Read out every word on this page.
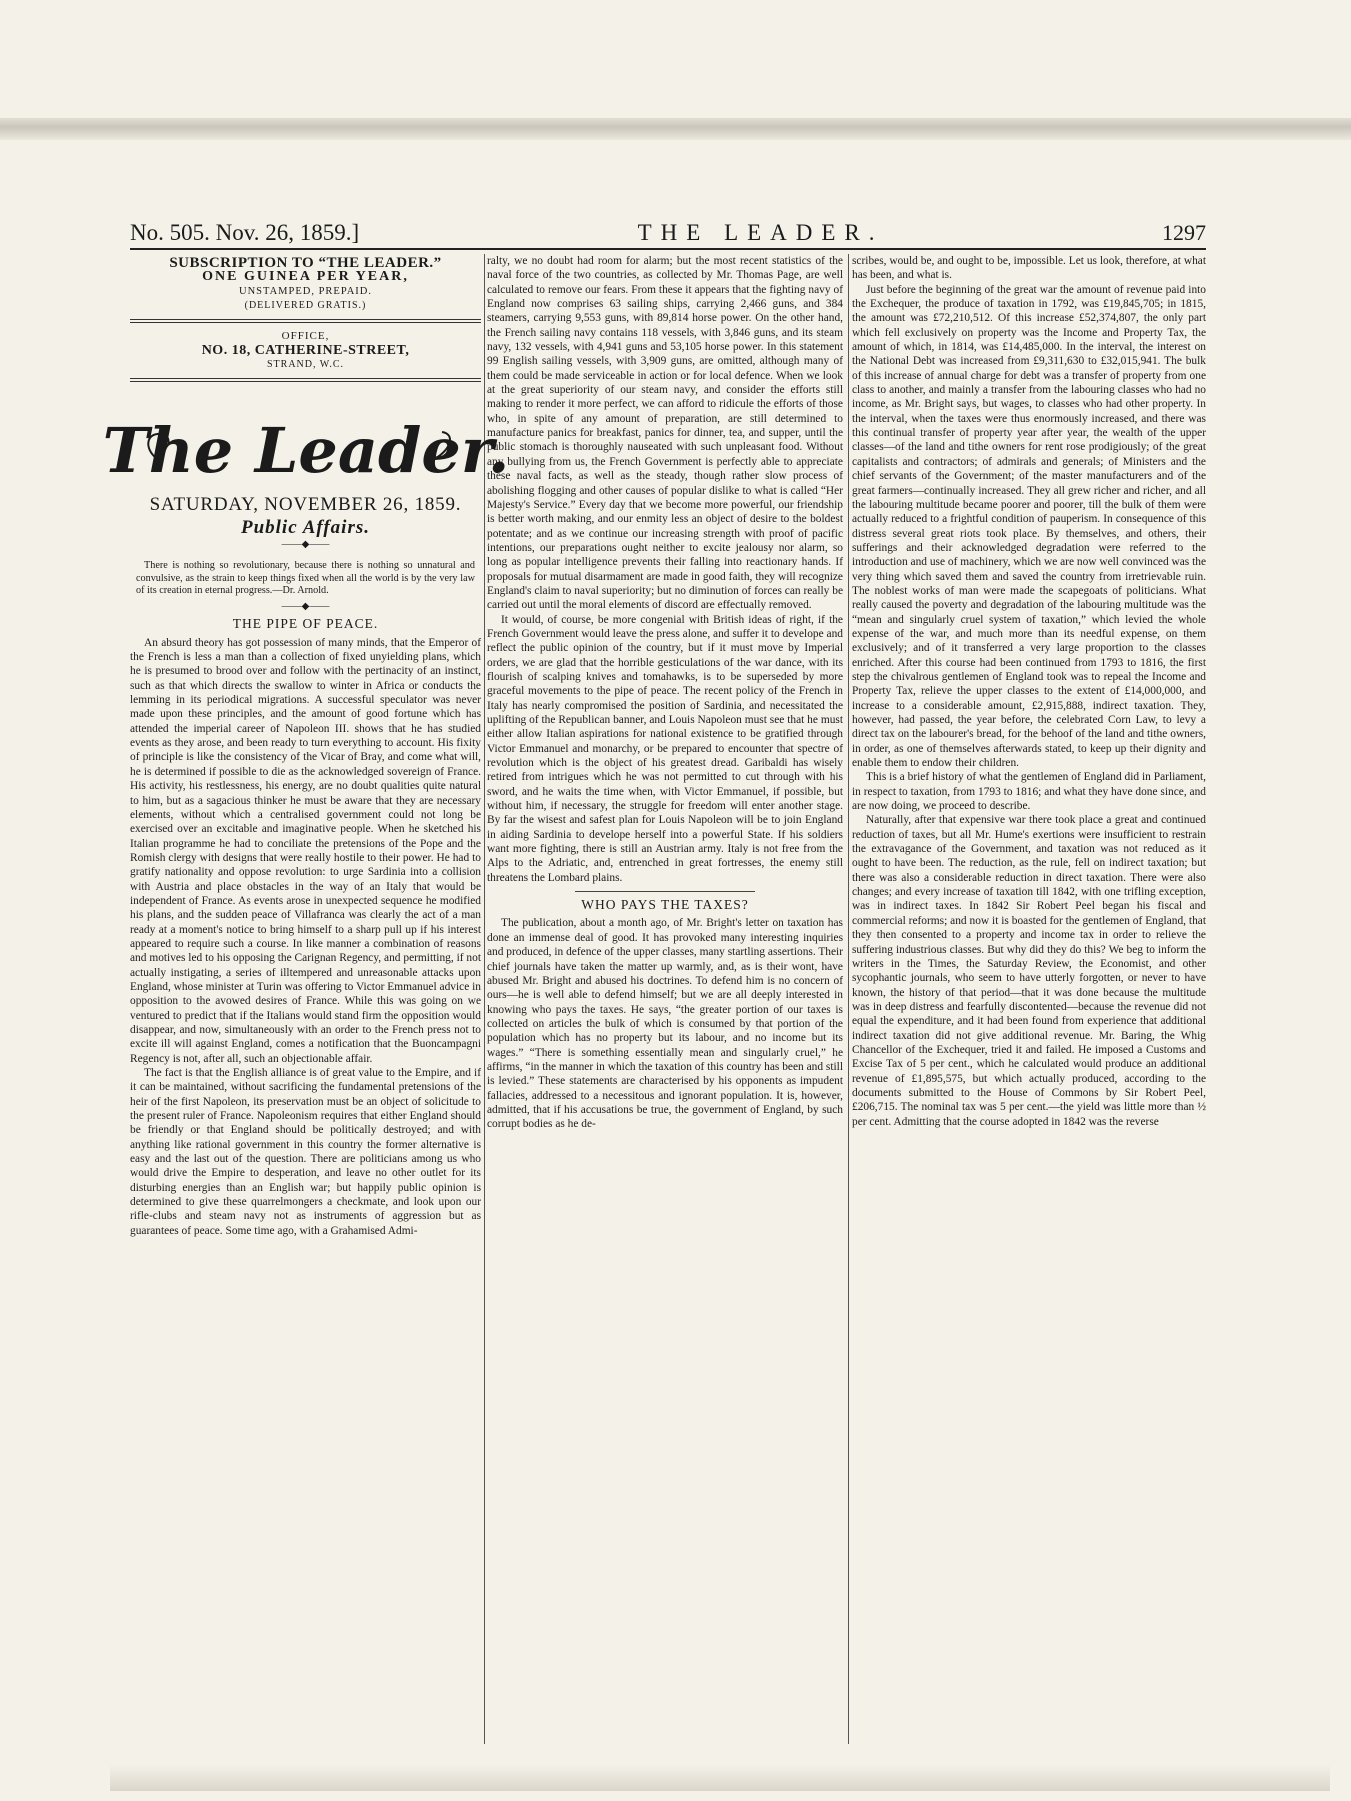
No. 505. Nov. 26, 1859.]	THE LEADER.	1297
SUBSCRIPTION TO “THE LEADER.”
ONE GUINEA PER YEAR,
UNSTAMPED, PREPAID.
(DELIVERED GRATIS.)
OFFICE,
NO. 18, CATHERINE-STREET,
STRAND, W.C.
The Leader.
SATURDAY, NOVEMBER 26, 1859.
Public Affairs.
——◆——

There is nothing so revolutionary, because there is nothing so unnatural and convulsive, as the strain to keep things fixed when all the world is by the very law of its creation in eternal progress.—Dr. Arnold.

——◆——
THE PIPE OF PEACE.

An absurd theory has got possession of many minds, that the Emperor of the French is less a man than a collection of fixed unyielding plans, which he is presumed to brood over and follow with the pertinacity of an instinct, such as that which directs the swallow to winter in Africa or conducts the lemming in its periodical migrations. A successful speculator was never made upon these principles, and the amount of good fortune which has attended the imperial career of Napoleon III. shows that he has studied events as they arose, and been ready to turn everything to account. His fixity of principle is like the consistency of the Vicar of Bray, and come what will, he is determined if possible to die as the acknowledged sovereign of France. His activity, his restlessness, his energy, are no doubt qualities quite natural to him, but as a sagacious thinker he must be aware that they are necessary elements, without which a centralised government could not long be exercised over an excitable and imaginative people. When he sketched his Italian programme he had to conciliate the pretensions of the Pope and the Romish clergy with designs that were really hostile to their power. He had to gratify nationality and oppose revolution: to urge Sardinia into a collision with Austria and place obstacles in the way of an Italy that would be independent of France. As events arose in unexpected sequence he modified his plans, and the sudden peace of Villafranca was clearly the act of a man ready at a moment's notice to bring himself to a sharp pull up if his interest appeared to require such a course. In like manner a combination of reasons and motives led to his opposing the Carignan Regency, and permitting, if not actually instigating, a series of illtempered and unreasonable attacks upon England, whose minister at Turin was offering to Victor Emmanuel advice in opposition to the avowed desires of France. While this was going on we ventured to predict that if the Italians would stand firm the opposition would disappear, and now, simultaneously with an order to the French press not to excite ill will against England, comes a notification that the Buoncampagni Regency is not, after all, such an objectionable affair.

The fact is that the English alliance is of great value to the Empire, and if it can be maintained, without sacrificing the fundamental pretensions of the heir of the first Napoleon, its preservation must be an object of solicitude to the present ruler of France. Napoleonism requires that either England should be friendly or that England should be politically destroyed; and with anything like rational government in this country the former alternative is easy and the last out of the question. There are politicians among us who would drive the Empire to desperation, and leave no other outlet for its disturbing energies than an English war; but happily public opinion is determined to give these quarrelmongers a checkmate, and look upon our rifle-clubs and steam navy not as instruments of aggression but as guarantees of peace. Some time ago, with a Grahamised Admi-

ralty, we no doubt had room for alarm; but the most recent statistics of the naval force of the two countries, as collected by Mr. Thomas Page, are well calculated to remove our fears. From these it appears that the fighting navy of England now comprises 63 sailing ships, carrying 2,466 guns, and 384 steamers, carrying 9,553 guns, with 89,814 horse power. On the other hand, the French sailing navy contains 118 vessels, with 3,846 guns, and its steam navy, 132 vessels, with 4,941 guns and 53,105 horse power. In this statement 99 English sailing vessels, with 3,909 guns, are omitted, although many of them could be made serviceable in action or for local defence. When we look at the great superiority of our steam navy, and consider the efforts still making to render it more perfect, we can afford to ridicule the efforts of those who, in spite of any amount of preparation, are still determined to manufacture panics for breakfast, panics for dinner, tea, and supper, until the public stomach is thoroughly nauseated with such unpleasant food. Without any bullying from us, the French Government is perfectly able to appreciate these naval facts, as well as the steady, though rather slow process of abolishing flogging and other causes of popular dislike to what is called “Her Majesty's Service.” Every day that we become more powerful, our friendship is better worth making, and our enmity less an object of desire to the boldest potentate; and as we continue our increasing strength with proof of pacific intentions, our preparations ought neither to excite jealousy nor alarm, so long as popular intelligence prevents their falling into reactionary hands. If proposals for mutual disarmament are made in good faith, they will recognize England's claim to naval superiority; but no diminution of forces can really be carried out until the moral elements of discord are effectually removed.

It would, of course, be more congenial with British ideas of right, if the French Government would leave the press alone, and suffer it to develope and reflect the public opinion of the country, but if it must move by Imperial orders, we are glad that the horrible gesticulations of the war dance, with its flourish of scalping knives and tomahawks, is to be superseded by more graceful movements to the pipe of peace. The recent policy of the French in Italy has nearly compromised the position of Sardinia, and necessitated the uplifting of the Republican banner, and Louis Napoleon must see that he must either allow Italian aspirations for national existence to be gratified through Victor Emmanuel and monarchy, or be prepared to encounter that spectre of revolution which is the object of his greatest dread. Garibaldi has wisely retired from intrigues which he was not permitted to cut through with his sword, and he waits the time when, with Victor Emmanuel, if possible, but without him, if necessary, the struggle for freedom will enter another stage. By far the wisest and safest plan for Louis Napoleon will be to join England in aiding Sardinia to develope herself into a powerful State. If his soldiers want more fighting, there is still an Austrian army. Italy is not free from the Alps to the Adriatic, and, entrenched in great fortresses, the enemy still threatens the Lombard plains.

WHO PAYS THE TAXES?

The publication, about a month ago, of Mr. Bright's letter on taxation has done an immense deal of good. It has provoked many interesting inquiries and produced, in defence of the upper classes, many startling assertions. Their chief journals have taken the matter up warmly, and, as is their wont, have abused Mr. Bright and abused his doctrines. To defend him is no concern of ours—he is well able to defend himself; but we are all deeply interested in knowing who pays the taxes. He says, “the greater portion of our taxes is collected on articles the bulk of which is consumed by that portion of the population which has no property but its labour, and no income but its wages.” “There is something essentially mean and singularly cruel,” he affirms, “in the manner in which the taxation of this country has been and still is levied.” These statements are characterised by his opponents as impudent fallacies, addressed to a necessitous and ignorant population. It is, however, admitted, that if his accusations be true, the government of England, by such corrupt bodies as he de-

scribes, would be, and ought to be, impossible. Let us look, therefore, at what has been, and what is.

Just before the beginning of the great war the amount of revenue paid into the Exchequer, the produce of taxation in 1792, was £19,845,705; in 1815, the amount was £72,210,512. Of this increase £52,374,807, the only part which fell exclusively on property was the Income and Property Tax, the amount of which, in 1814, was £14,485,000. In the interval, the interest on the National Debt was increased from £9,311,630 to £32,015,941. The bulk of this increase of annual charge for debt was a transfer of property from one class to another, and mainly a transfer from the labouring classes who had no income, as Mr. Bright says, but wages, to classes who had other property. In the interval, when the taxes were thus enormously increased, and there was this continual transfer of property year after year, the wealth of the upper classes—of the land and tithe owners for rent rose prodigiously; of the great capitalists and contractors; of admirals and generals; of Ministers and the chief servants of the Government; of the master manufacturers and of the great farmers—continually increased. They all grew richer and richer, and all the labouring multitude became poorer and poorer, till the bulk of them were actually reduced to a frightful condition of pauperism. In consequence of this distress several great riots took place. By themselves, and others, their sufferings and their acknowledged degradation were referred to the introduction and use of machinery, which we are now well convinced was the very thing which saved them and saved the country from irretrievable ruin. The noblest works of man were made the scapegoats of politicians. What really caused the poverty and degradation of the labouring multitude was the “mean and singularly cruel system of taxation,” which levied the whole expense of the war, and much more than its needful expense, on them exclusively; and of it transferred a very large proportion to the classes enriched. After this course had been continued from 1793 to 1816, the first step the chivalrous gentlemen of England took was to repeal the Income and Property Tax, relieve the upper classes to the extent of £14,000,000, and increase to a considerable amount, £2,915,888, indirect taxation. They, however, had passed, the year before, the celebrated Corn Law, to levy a direct tax on the labourer's bread, for the behoof of the land and tithe owners, in order, as one of themselves afterwards stated, to keep up their dignity and enable them to endow their children.

This is a brief history of what the gentlemen of England did in Parliament, in respect to taxation, from 1793 to 1816; and what they have done since, and are now doing, we proceed to describe.

Naturally, after that expensive war there took place a great and continued reduction of taxes, but all Mr. Hume's exertions were insufficient to restrain the extravagance of the Government, and taxation was not reduced as it ought to have been. The reduction, as the rule, fell on indirect taxation; but there was also a considerable reduction in direct taxation. There were also changes; and every increase of taxation till 1842, with one trifling exception, was in indirect taxes. In 1842 Sir Robert Peel began his fiscal and commercial reforms; and now it is boasted for the gentlemen of England, that they then consented to a property and income tax in order to relieve the suffering industrious classes. But why did they do this? We beg to inform the writers in the Times, the Saturday Review, the Economist, and other sycophantic journals, who seem to have utterly forgotten, or never to have known, the history of that period—that it was done because the multitude was in deep distress and fearfully discontented—because the revenue did not equal the expenditure, and it had been found from experience that additional indirect taxation did not give additional revenue. Mr. Baring, the Whig Chancellor of the Exchequer, tried it and failed. He imposed a Customs and Excise Tax of 5 per cent., which he calculated would produce an additional revenue of £1,895,575, but which actually produced, according to the documents submitted to the House of Commons by Sir Robert Peel, £206,715. The nominal tax was 5 per cent.—the yield was little more than ½ per cent. Admitting that the course adopted in 1842 was the reverse
